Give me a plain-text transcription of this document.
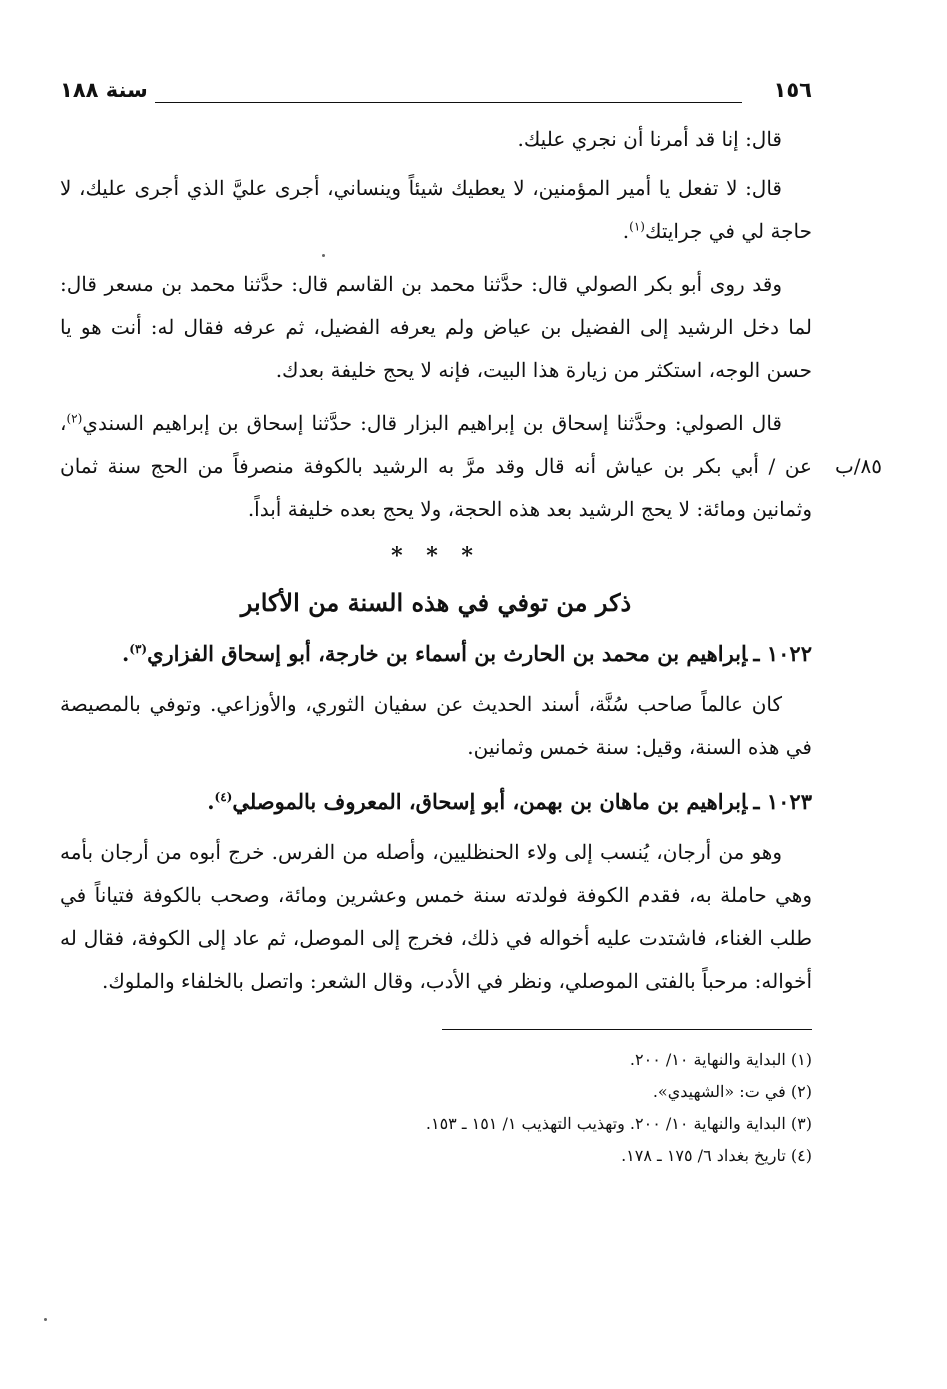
١٥٦
سنة ١٨٨

قال: إنا قد أمرنا أن نجري عليك.

قال: لا تفعل يا أمير المؤمنين، لا يعطيك شيئاً وينساني، أجرى عليَّ الذي أجرى عليك، لا حاجة لي في جرايتك$^{(١)}$.

وقد روى أبو بكر الصولي قال: حدَّثنا محمد بن القاسم قال: حدَّثنا محمد بن مسعر قال: لما دخل الرشيد إلى الفضيل بن عياض ولم يعرفه الفضيل، ثم عرفه فقال له: أنت هو يا حسن الوجه، استكثر من زيارة هذا البيت، فإنه لا يحج خليفة بعدك.

٨٥/ب

قال الصولي: وحدَّثنا إسحاق بن إبراهيم البزار قال: حدَّثنا إسحاق بن إبراهيم السندي$^{(٢)}$، عن / أبي بكر بن عياش أنه قال وقد مرَّ به الرشيد بالكوفة منصرفاً من الحج سنة ثمان وثمانين ومائة: لا يحج الرشيد بعد هذه الحجة، ولا يحج بعده خليفة أبداً.

* * *
ذكر من توفي في هذه السنة من الأكابر
١٠٢٢ ـإبراهيم بن محمد بن الحارث بن أسماء بن خارجة، أبو إسحاق الفزاري$^{(٣)}$.

كان عالماً صاحب سُنَّة، أسند الحديث عن سفيان الثوري، والأوزاعي. وتوفي بالمصيصة في هذه السنة، وقيل: سنة خمس وثمانين.

١٠٢٣ ـإبراهيم بن ماهان بن بهمن، أبو إسحاق، المعروف بالموصلي$^{(٤)}$.

وهو من أرجان، يُنسب إلى ولاء الحنظليين، وأصله من الفرس. خرج أبوه من أرجان بأمه وهي حاملة به، فقدم الكوفة فولدته سنة خمس وعشرين ومائة، وصحب بالكوفة فتياناً في طلب الغناء، فاشتدت عليه أخواله في ذلك، فخرج إلى الموصل، ثم عاد إلى الكوفة، فقال له أخواله: مرحباً بالفتى الموصلي، ونظر في الأدب، وقال الشعر: واتصل بالخلفاء والملوك.

(١) البداية والنهاية ١٠/ ٢٠٠.

(٢) في ت: «الشهيدي».

(٣) البداية والنهاية ١٠/ ٢٠٠. وتهذيب التهذيب ١/ ١٥١ ـ ١٥٣.

(٤) تاريخ بغداد ٦/ ١٧٥ ـ ١٧٨.
